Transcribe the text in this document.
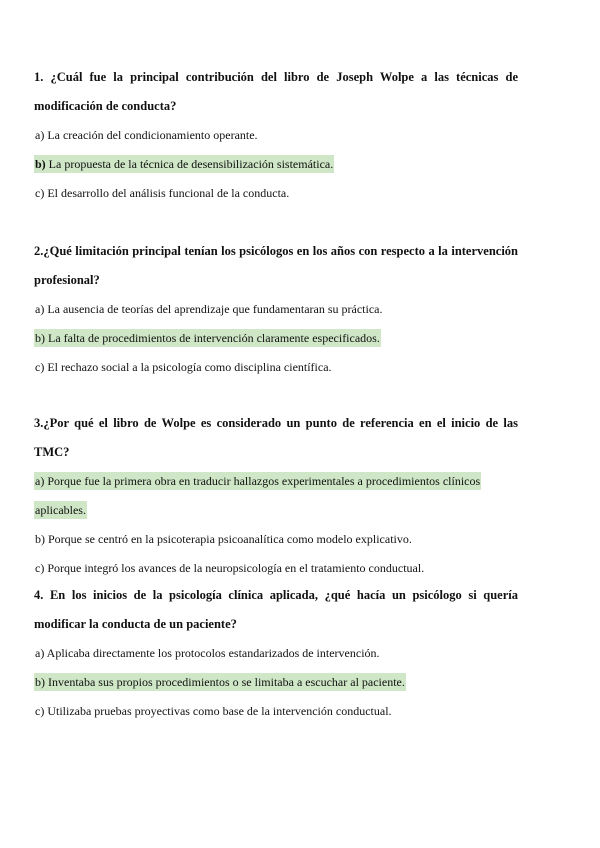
1. ¿Cuál fue la principal contribución del libro de Joseph Wolpe a las técnicas de modificación de conducta?

a) La creación del condicionamiento operante.
b) La propuesta de la técnica de desensibilización sistemática.
c) El desarrollo del análisis funcional de la conducta.

2.¿Qué limitación principal tenían los psicólogos en los años con respecto a la intervención profesional?

a) La ausencia de teorías del aprendizaje que fundamentaran su práctica.
b) La falta de procedimientos de intervención claramente especificados.
c) El rechazo social a la psicología como disciplina científica.

3.¿Por qué el libro de Wolpe es considerado un punto de referencia en el inicio de las TMC?

a) Porque fue la primera obra en traducir hallazgos experimentales a procedimientos clínicos aplicables.
b) Porque se centró en la psicoterapia psicoanalítica como modelo explicativo.
c) Porque integró los avances de la neuropsicología en el tratamiento conductual.

4. En los inicios de la psicología clínica aplicada, ¿qué hacía un psicólogo si quería modificar la conducta de un paciente?

a) Aplicaba directamente los protocolos estandarizados de intervención.
b) Inventaba sus propios procedimientos o se limitaba a escuchar al paciente.
c) Utilizaba pruebas proyectivas como base de la intervención conductual.
